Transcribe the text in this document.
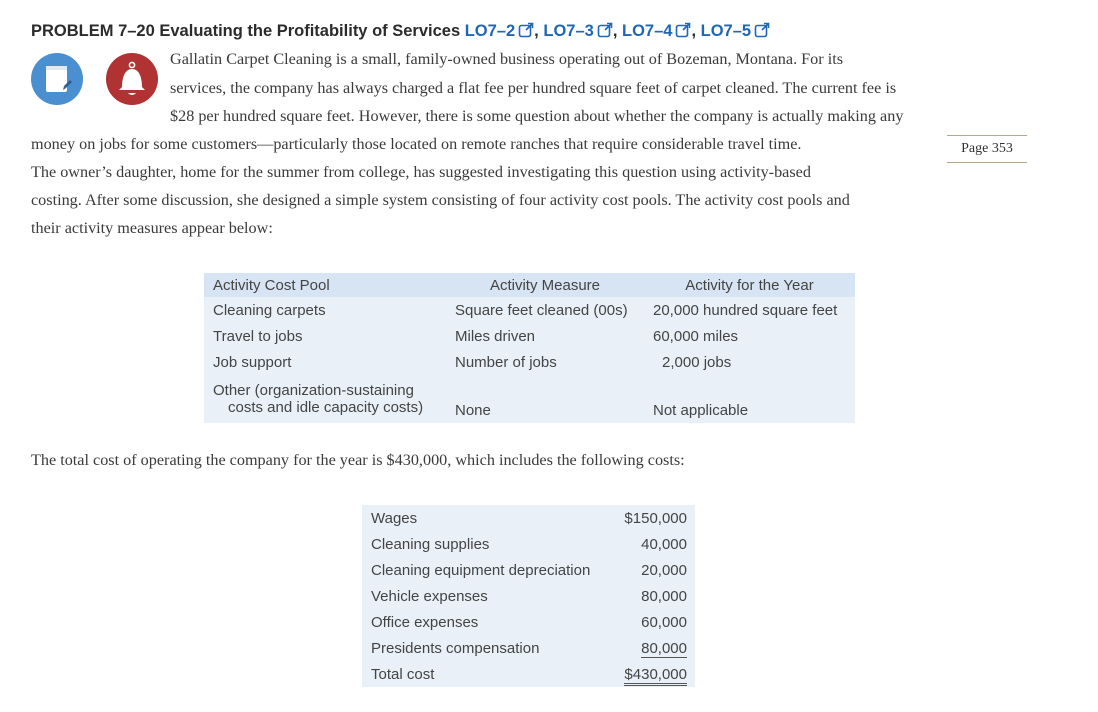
PROBLEM 7–20 Evaluating the Profitability of Services LO7–2 , LO7–3 , LO7–4 , LO7–5
Gallatin Carpet Cleaning is a small, family-owned business operating out of Bozeman, Montana. For its
services, the company has always charged a flat fee per hundred square feet of carpet cleaned. The current fee is
$28 per hundred square feet. However, there is some question about whether the company is actually making any
money on jobs for some customers—particularly those located on remote ranches that require considerable travel time.	Page 353
The owner’s daughter, home for the summer from college, has suggested investigating this question using activity-based
costing. After some discussion, she designed a simple system consisting of four activity cost pools. The activity cost pools and
their activity measures appear below:
Activity Cost Pool	Activity Measure	Activity for the Year
Cleaning carpets	Square feet cleaned (00s)	20,000 hundred square feet
Travel to jobs	Miles driven	60,000 miles
Job support	Number of jobs	2,000 jobs

Other (organization-sustaining
costs and idle capacity costs)	None	Not applicable
The total cost of operating the company for the year is $430,000, which includes the following costs:
Wages	$150,000
Cleaning supplies	40,000
Cleaning equipment depreciation	20,000
Vehicle expenses	80,000
Office expenses	60,000
Presidents compensation	80,000
Total cost	$430,000
